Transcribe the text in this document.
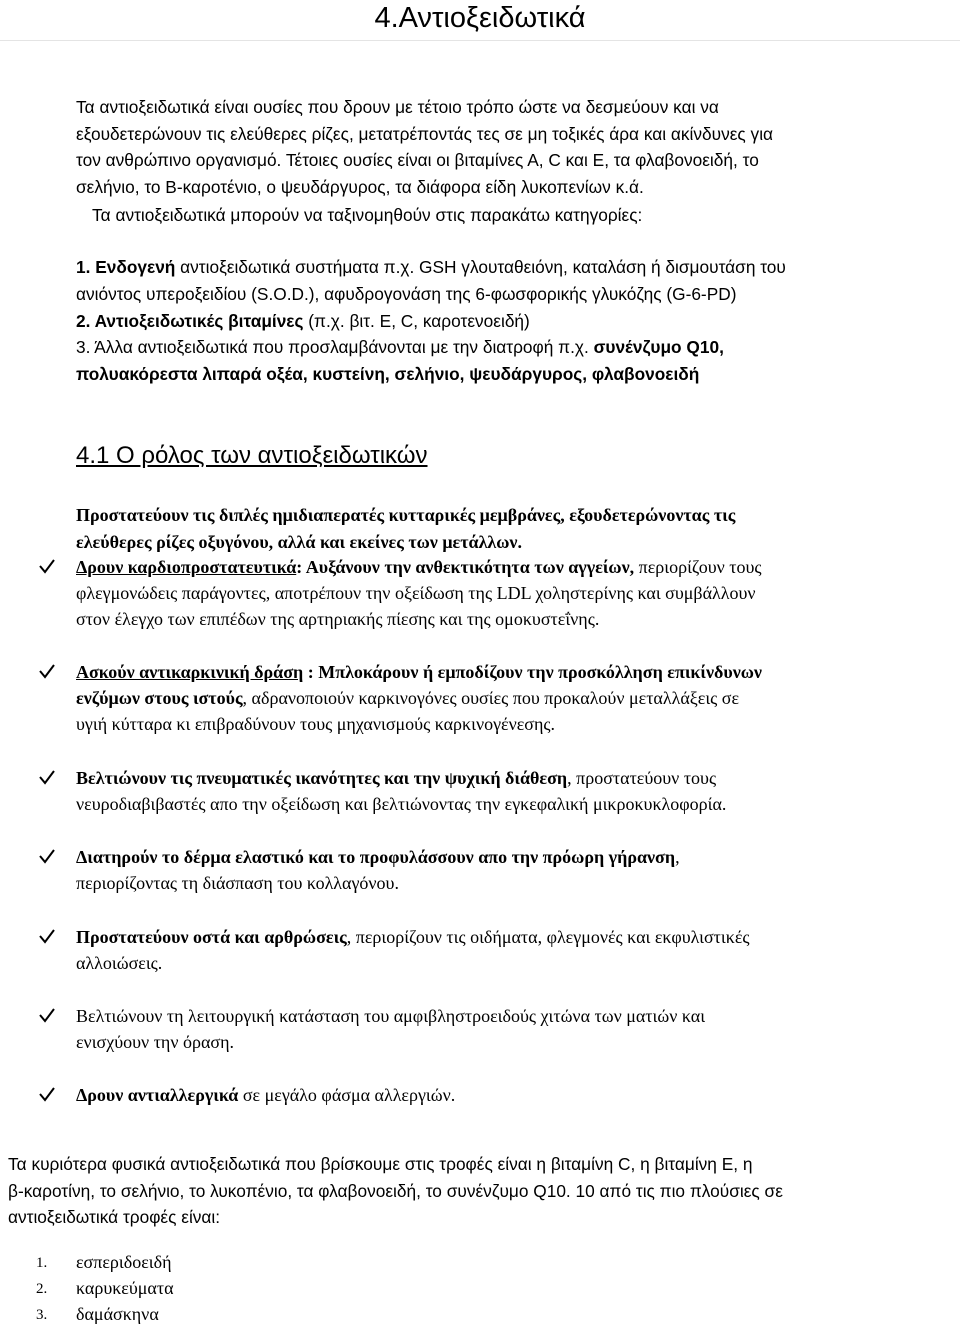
4.Αντιοξειδωτικά
Τα αντιοξειδωτικά είναι ουσίες που δρουν με τέτοιο τρόπο ώστε να δεσμεύουν και να
εξουδετερώνουν τις ελεύθερες ρίζες, μετατρέποντάς τες σε μη τοξικές άρα και ακίνδυνες για
τον ανθρώπινο οργανισμό. Τέτοιες ουσίες είναι οι βιταμίνες Α, C και Ε, τα φλαβονοειδή, το
σελήνιο, το Β-καροτένιο, ο ψευδάργυρος, τα διάφορα είδη λυκοπενίων κ.ά.
Τα αντιοξειδωτικά μπορούν να ταξινομηθούν στις παρακάτω κατηγορίες:
1. Ενδογενή αντιοξειδωτικά συστήματα π.χ. GSH γλουταθειόνη, καταλάση ή δισμουτάση του
ανιόντος υπεροξειδίου (S.O.D.), αφυδρογονάση της 6-φωσφορικής γλυκόζης (G-6-PD)
2. Αντιοξειδωτικές βιταμίνες (π.χ. βιτ. Ε, C, καροτενοειδή)
3. Άλλα αντιοξειδωτικά που προσλαμβάνονται με την διατροφή π.χ. συνένζυμο Q10,
πολυακόρεστα λιπαρά οξέα, κυστείνη, σελήνιο, ψευδάργυρος, φλαβονοειδή
4.1 Ο ρόλος των αντιοξειδωτικών
Προστατεύουν τις διπλές ημιδιαπερατές κυτταρικές μεμβράνες, εξουδετερώνοντας τις
ελεύθερες ρίζες οξυγόνου, αλλά και εκείνες των μετάλλων.
Δρουν καρδιοπροστατευτικά: Αυξάνουν την ανθεκτικότητα των αγγείων, περιορίζουν τους
φλεγμονώδεις παράγοντες, αποτρέπουν την οξείδωση της LDL χοληστερίνης και συμβάλλουν
στον έλεγχο των επιπέδων της αρτηριακής πίεσης και της ομοκυστεΐνης.
Ασκούν αντικαρκινική δράση : Μπλοκάρουν ή εμποδίζουν την προσκόλληση επικίνδυνων
ενζύμων στους ιστούς, αδρανοποιούν καρκινογόνες ουσίες που προκαλούν μεταλλάξεις σε
υγιή κύτταρα κι επιβραδύνουν τους μηχανισμούς καρκινογένεσης.
Βελτιώνουν τις πνευματικές ικανότητες και την ψυχική διάθεση, προστατεύουν τους
νευροδιαβιβαστές απο την οξείδωση και βελτιώνοντας την εγκεφαλική μικροκυκλοφορία.
Διατηρούν το δέρμα ελαστικό και το προφυλάσσουν απο την πρόωρη γήρανση,
περιορίζοντας τη διάσπαση του κολλαγόνου.
Προστατεύουν οστά και αρθρώσεις, περιορίζουν τις οιδήματα, φλεγμονές και εκφυλιστικές
αλλοιώσεις.
Βελτιώνουν τη λειτουργική κατάσταση του αμφιβληστροειδούς χιτώνα των ματιών και
ενισχύουν την όραση.
Δρουν αντιαλλεργικά σε μεγάλο φάσμα αλλεργιών.
Τα κυριότερα φυσικά αντιοξειδωτικά που βρίσκουμε στις τροφές είναι η βιταμίνη C, η βιταμίνη Ε, η
β-καροτίνη, το σελήνιο, το λυκοπένιο, τα φλαβονοειδή, το συνένζυμο Q10. 10 από τις πιο πλούσιες σε
αντιοξειδωτικά τροφές είναι:
1. εσπεριδοειδή
2. καρυκεύματα
3. δαμάσκηνα
